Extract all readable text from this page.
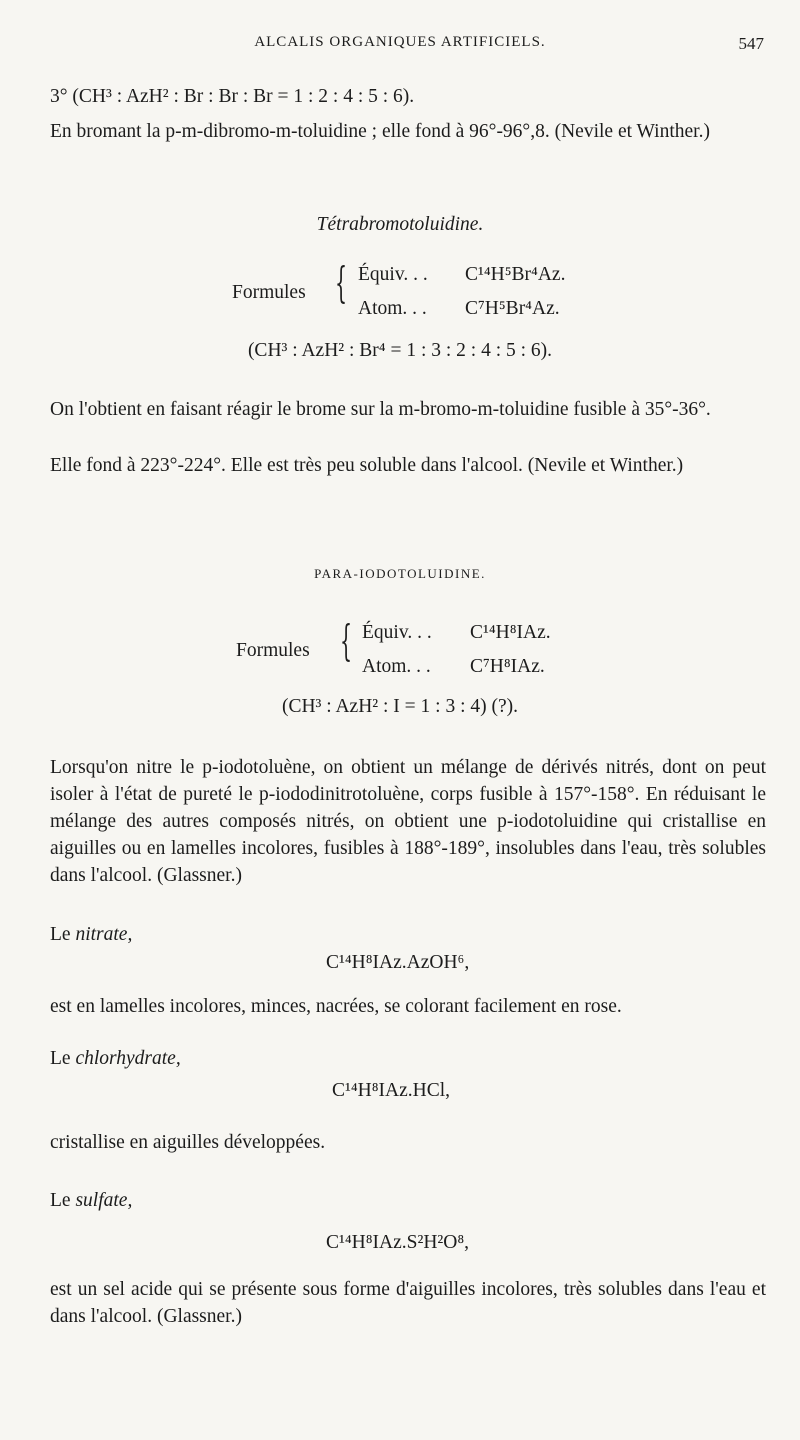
ALCALIS ORGANIQUES ARTIFICIELS.	547
3° (CH³ : AzH² : Br : Br : Br = 1 : 2 : 4 : 5 : 6).
En bromant la p-m-dibromo-m-toluidine ; elle fond à 96°-96°,8. (Nevile et Winther.)
Tétrabromotoluidine.
Formules { Équiv. . . C¹⁴H⁵Br⁴Az.
Atom. . . C⁷H⁵Br⁴Az.
(CH³ : AzH² : Br⁴ = 1 : 3 : 2 : 4 : 5 : 6).
On l'obtient en faisant réagir le brome sur la m-bromo-m-toluidine fusible à 35°-36°.
Elle fond à 223°-224°. Elle est très peu soluble dans l'alcool. (Nevile et Winther.)
PARA-IODOTOLUIDINE.
Formules { Équiv. . . C¹⁴H⁸IAz.
Atom. . . C⁷H⁸IAz.
(CH³ : AzH² : I = 1 : 3 : 4) (?).
Lorsqu'on nitre le p-iodotoluène, on obtient un mélange de dérivés nitrés, dont on peut isoler à l'état de pureté le p-iododinitrotoluène, corps fusible à 157°-158°. En réduisant le mélange des autres composés nitrés, on obtient une p-iodotoluidine qui cristallise en aiguilles ou en lamelles incolores, fusibles à 188°-189°, insolubles dans l'eau, très solubles dans l'alcool. (Glassner.)
Le nitrate,
C¹⁴H⁸IAz.AzOH⁶,
est en lamelles incolores, minces, nacrées, se colorant facilement en rose.
Le chlorhydrate,
C¹⁴H⁸IAz.HCl,
cristallise en aiguilles développées.
Le sulfate,
C¹⁴H⁸IAz.S²H²O⁸,
est un sel acide qui se présente sous forme d'aiguilles incolores, très solubles dans l'eau et dans l'alcool. (Glassner.)
